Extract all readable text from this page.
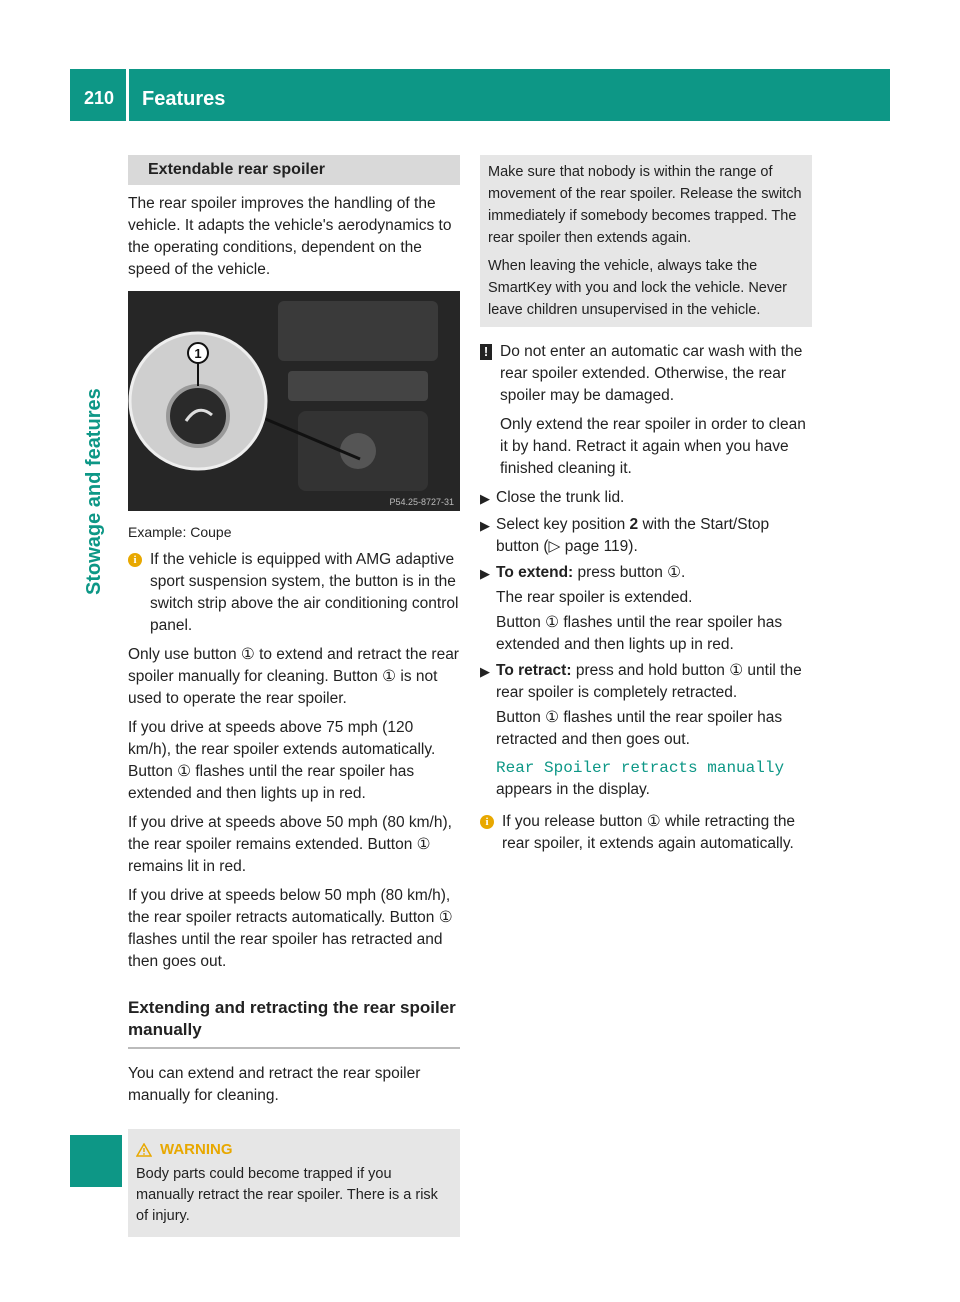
210 Features
Stowage and features
Extendable rear spoiler

The rear spoiler improves the handling of the vehicle. It adapts the vehicle's aerodynamics to the operating conditions, dependent on the speed of the vehicle.

1
P54.25-8727-31

Example: Coupe

i If the vehicle is equipped with AMG adaptive sport suspension system, the button is in the switch strip above the air conditioning control panel.

Only use button ① to extend and retract the rear spoiler manually for cleaning. Button ① is not used to operate the rear spoiler.

If you drive at speeds above 75 mph (120 km/h), the rear spoiler extends automatically. Button ① flashes until the rear spoiler has extended and then lights up in red.

If you drive at speeds above 50 mph (80 km/h), the rear spoiler remains extended. Button ① remains lit in red.

If you drive at speeds below 50 mph (80 km/h), the rear spoiler retracts automatically. Button ① flashes until the rear spoiler has retracted and then goes out.

Extending and retracting the rear spoiler manually

You can extend and retract the rear spoiler manually for cleaning.

WARNING
Body parts could become trapped if you manually retract the rear spoiler. There is a risk of injury.

Make sure that nobody is within the range of movement of the rear spoiler. Release the switch immediately if somebody becomes trapped. The rear spoiler then extends again.

When leaving the vehicle, always take the SmartKey with you and lock the vehicle. Never leave children unsupervised in the vehicle.

! Do not enter an automatic car wash with the rear spoiler extended. Otherwise, the rear spoiler may be damaged.

Only extend the rear spoiler in order to clean it by hand. Retract it again when you have finished cleaning it.

▶ Close the trunk lid.
▶ Select key position 2 with the Start/Stop button (▷ page 119).
▶ To extend: press button ①.
The rear spoiler is extended.
Button ① flashes until the rear spoiler has extended and then lights up in red.
▶ To retract: press and hold button ① until the rear spoiler is completely retracted.
Button ① flashes until the rear spoiler has retracted and then goes out.
Rear Spoiler retracts manually
appears in the display.
i If you release button ① while retracting the rear spoiler, it extends again automatically.
